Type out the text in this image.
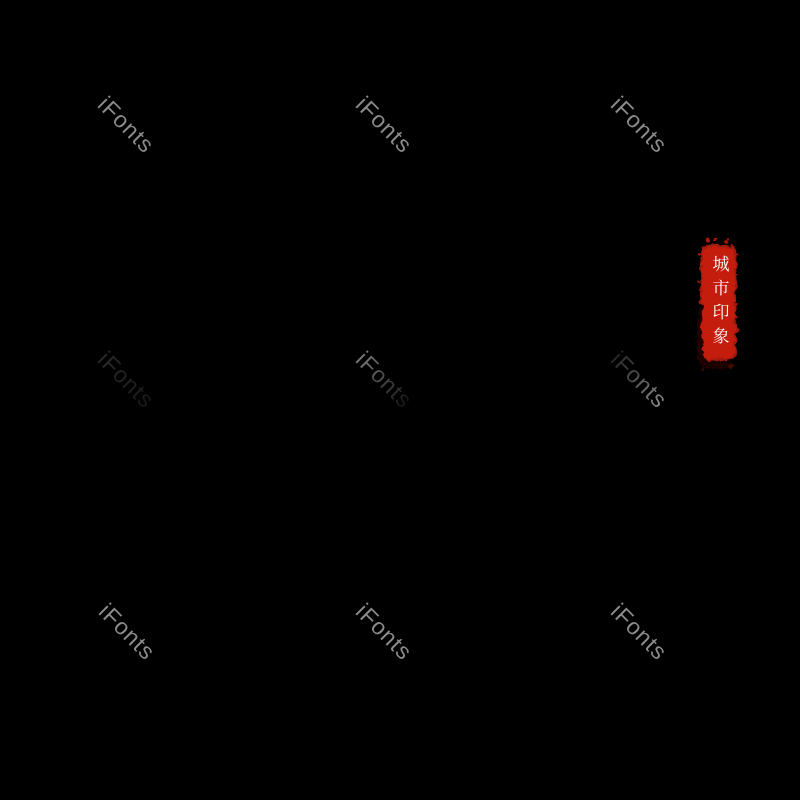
iFonts	iFonts	iFonts
iFonts	iFonts	iFonts
iFonts	iFonts	iFonts
城市印象
